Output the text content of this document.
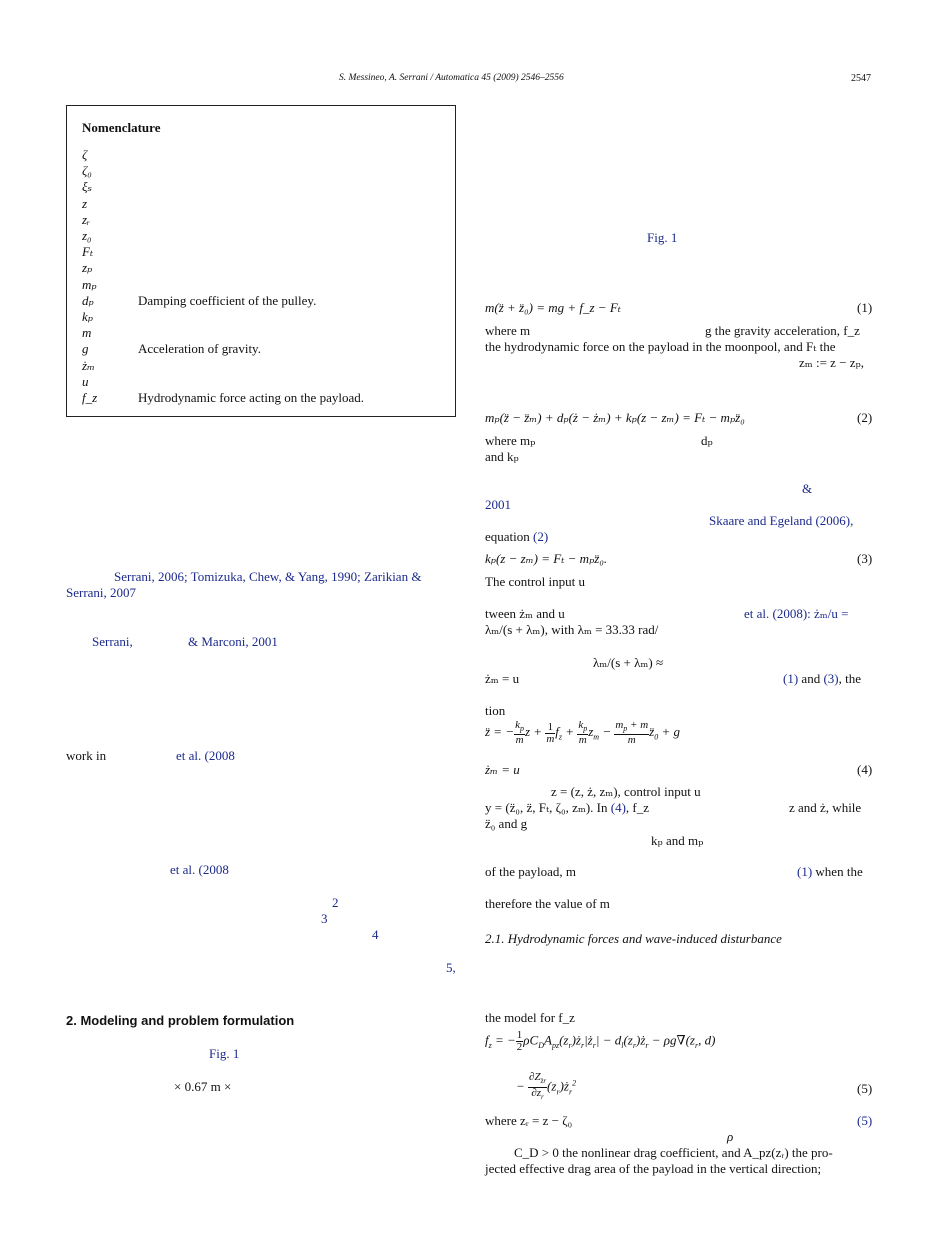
S. Messineo, A. Serrani / Automatica 45 (2009) 2546–2556	2547
Nomenclature
ζ
ζ₀
ξₛ
z
zᵣ
z₀
Fₜ
zₚ
mₚ
dₚ	Damping coefficient of the pulley.
kₚ
m
g	Acceleration of gravity.
żₘ
u
f_z	Hydrodynamic force acting on the payload.
Serrani, 2006; Tomizuka, Chew, & Yang, 1990; Zarikian &
Serrani, 2007
Serrani,	& Marconi, 2001
work in	et al. (2008
et al. (2008
2
3
4
5,
2. Modeling and problem formulation
Fig. 1
× 0.67 m ×
Fig. 1
m(z̈ + z̈₀) = mg + f_z − Fₜ	(1)
where m	g the gravity acceleration, f_z
the hydrodynamic force on the payload in the moonpool, and Fₜ the
zₘ := z − zₚ,
mₚ(z̈ − z̈ₘ) + dₚ(ż − żₘ) + kₚ(z − zₘ) = Fₜ − mₚz̈₀	(2)
where mₚ	dₚ
and kₚ
&
2001
Skaare and Egeland (2006),
equation (2)
kₚ(z − zₘ) = Fₜ − mₚz̈₀.	(3)
The control input u
tween żₘ and u	et al. (2008): żₘ/u =
λₘ/(s + λₘ), with λₘ = 33.33 rad/
λₘ/(s + λₘ) ≈
żₘ = u	(1) and (3), the
tion
z̈ = − $\frac{k_p}{m}$ $z + \frac{1}{m} f_z + \frac{k_p}{m} z_m - \frac{m_p + m}{m}$ $z̈_0 + g$
żₘ = u	(4)
z = (z, ż, zₘ), control input u
y = (z̈₀, z̈, Fₜ, ζ₀, zₘ). In (4), f_z	z and ż, while
z̈₀ and g
kₚ and mₚ
of the payload, m	(1) when the
therefore the value of m
2.1. Hydrodynamic forces and wave-induced disturbance
the model for f_z
$f_z$ = − $\frac{1}{2}$ $\rho C_DA_{pz}(z_r)ż_r|ż_r|$ − $d_l(z_r)ż_r - \rho g\nabla(z_r$, d)
− $\frac{\partial Z_{z̈r}}{\partial z_r}$ $(z_r)ż_r^2$	(5)
where zᵣ = z − ζ₀	(5)
ρ
C_D > 0 the nonlinear drag coefficient, and A_pz(zᵣ) the pro-
jected effective drag area of the payload in the vertical direction;
